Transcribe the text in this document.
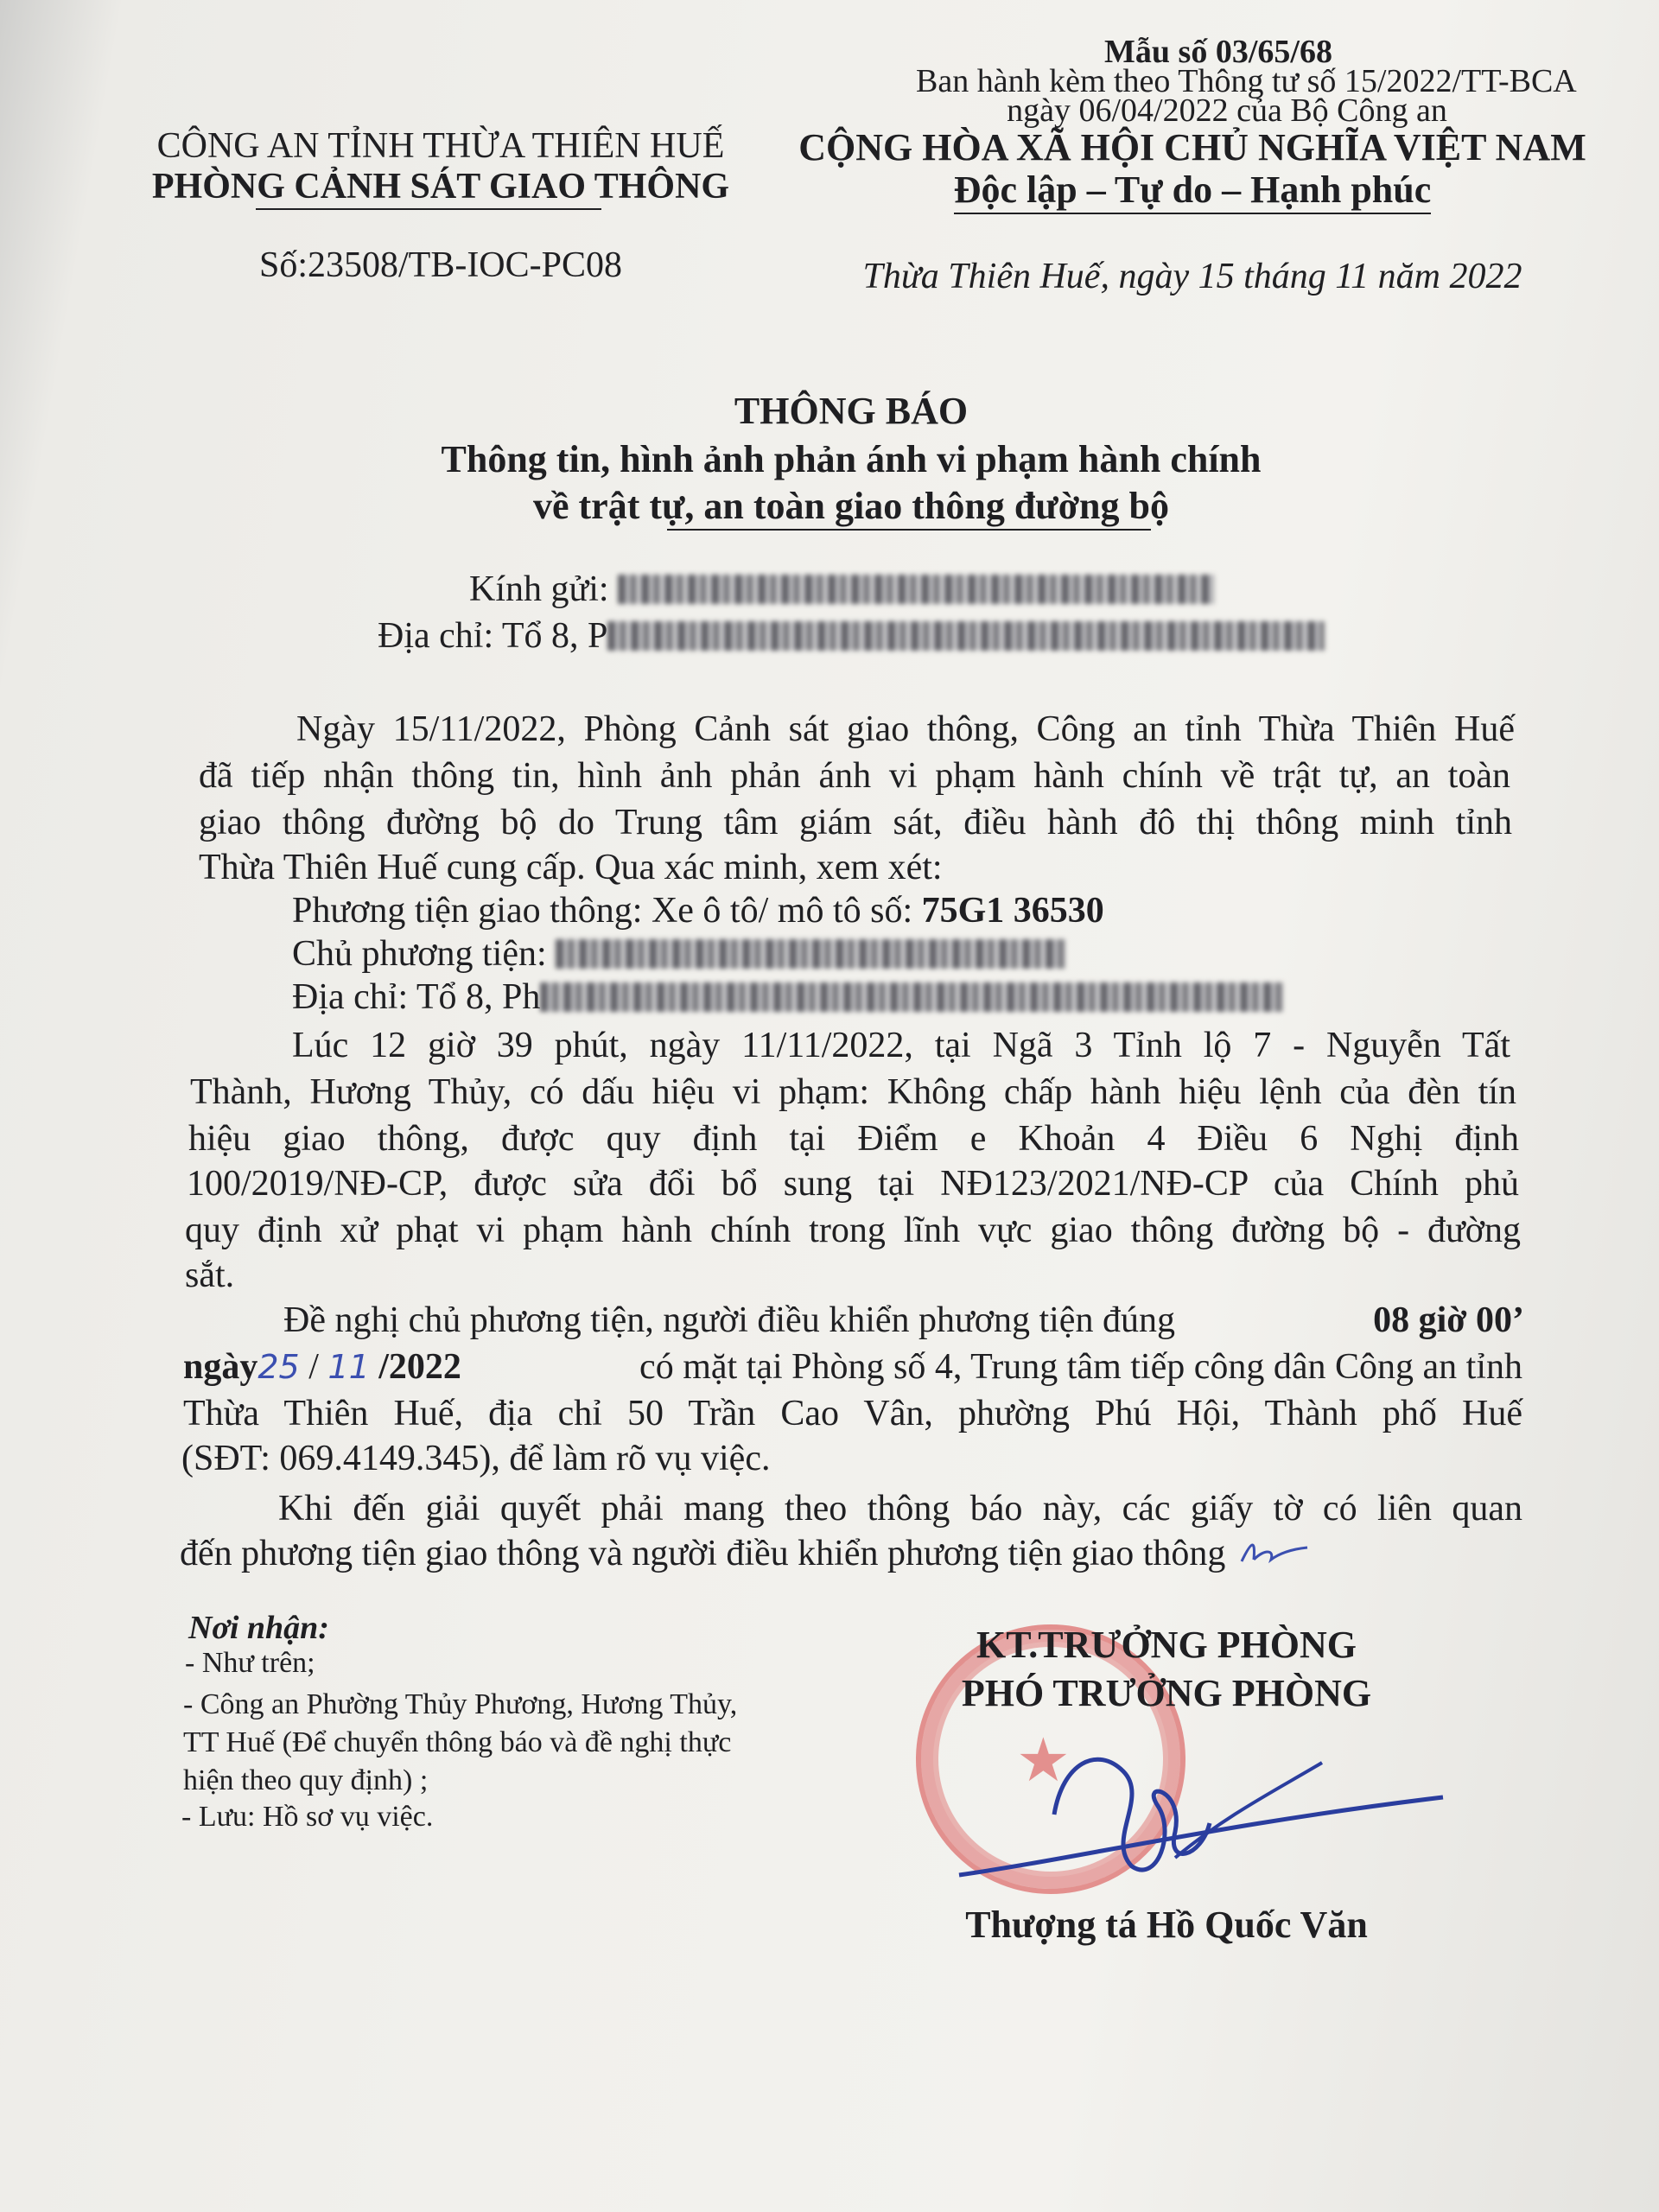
Mẫu số 03/65/68
Ban hành kèm theo Thông tư số 15/2022/TT-BCA
ngày 06/04/2022 của Bộ Công an
CÔNG AN TỈNH THỪA THIÊN HUẾ
PHÒNG CẢNH SÁT GIAO THÔNG
Số:23508/TB-IOC-PC08
CỘNG HÒA XÃ HỘI CHỦ NGHĨA VIỆT NAM
Độc lập – Tự do – Hạnh phúc
Thừa Thiên Huế, ngày 15 tháng 11 năm 2022
THÔNG BÁO
Thông tin, hình ảnh phản ánh vi phạm hành chính
về trật tự, an toàn giao thông đường bộ
Kính gửi:
Địa chỉ: Tổ 8, P
Ngày 15/11/2022, Phòng Cảnh sát giao thông, Công an tỉnh Thừa Thiên Huế
đã tiếp nhận thông tin, hình ảnh phản ánh vi phạm hành chính về trật tự, an toàn
giao thông đường bộ do Trung tâm giám sát, điều hành đô thị thông minh tỉnh
Thừa Thiên Huế cung cấp. Qua xác minh, xem xét:
Phương tiện giao thông: Xe ô tô/ mô tô số: 75G1 36530
Chủ phương tiện:
Địa chỉ: Tổ 8, Ph
Lúc 12 giờ 39 phút, ngày 11/11/2022, tại Ngã 3 Tỉnh lộ 7 - Nguyễn Tất
Thành, Hương Thủy, có dấu hiệu vi phạm: Không chấp hành hiệu lệnh của đèn tín
hiệu giao thông, được quy định tại Điểm e Khoản 4 Điều 6 Nghị định
100/2019/NĐ-CP, được sửa đổi bổ sung tại NĐ123/2021/NĐ-CP của Chính phủ
quy định xử phạt vi phạm hành chính trong lĩnh vực giao thông đường bộ - đường
sắt.
Đề nghị chủ phương tiện, người điều khiển phương tiện đúng	08 giờ 00’
ngày25 / 11 /2022	có mặt tại Phòng số 4, Trung tâm tiếp công dân Công an tỉnh
Thừa Thiên Huế, địa chỉ 50 Trần Cao Vân, phường Phú Hội, Thành phố Huế
(SĐT: 069.4149.345), để làm rõ vụ việc.
Khi đến giải quyết phải mang theo thông báo này, các giấy tờ có liên quan
đến phương tiện giao thông và người điều khiển phương tiện giao thông
Nơi nhận:
- Như trên;
- Công an Phường Thủy Phương, Hương Thủy,
TT Huế (Để chuyển thông báo và đề nghị thực
hiện theo quy định) ;
- Lưu: Hồ sơ vụ việc.
★
KT.TRƯỞNG PHÒNG
PHÓ TRƯỞNG PHÒNG
Thượng tá Hồ Quốc Văn
